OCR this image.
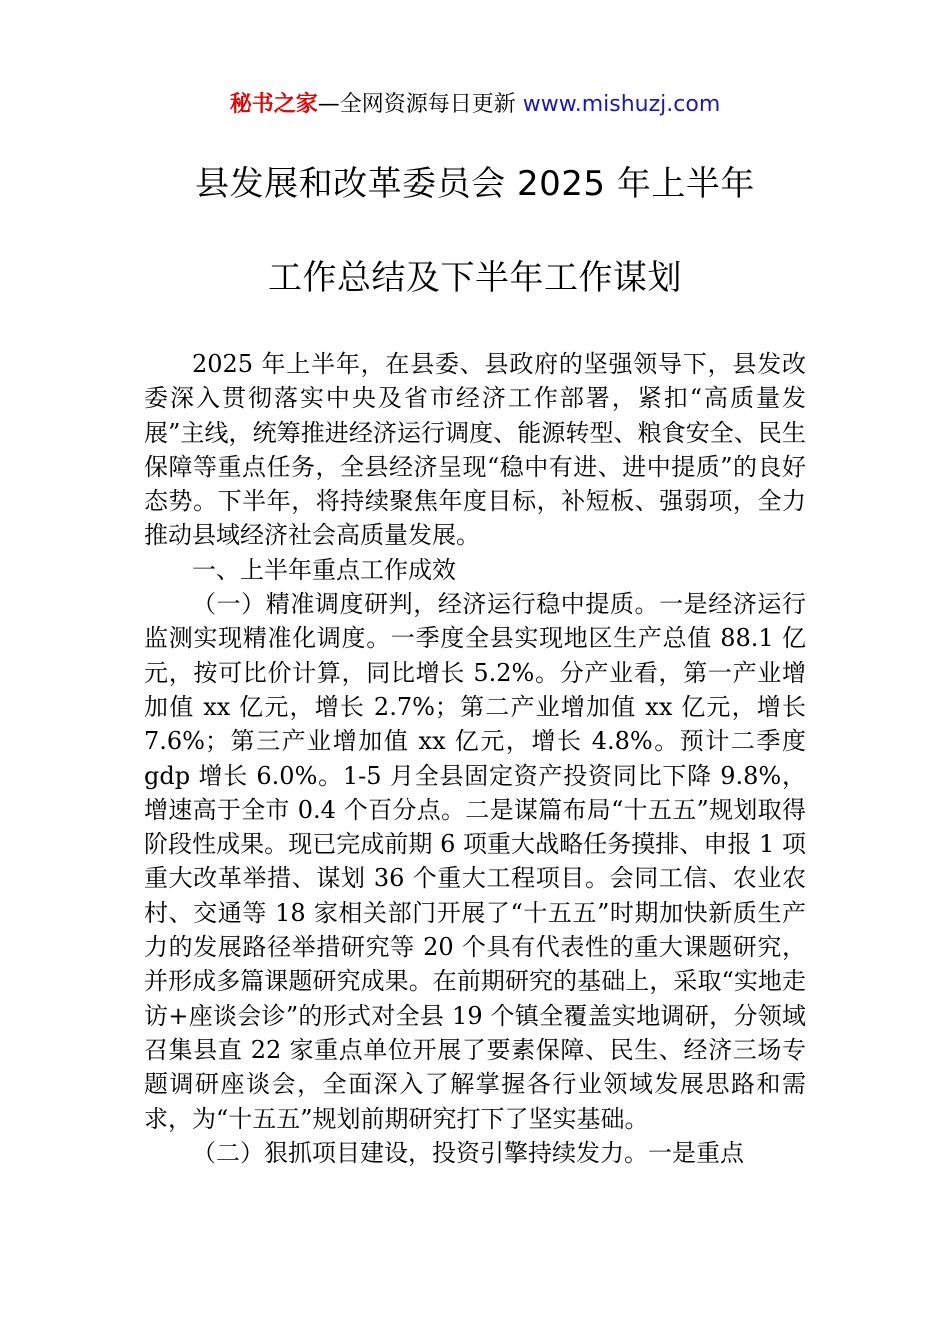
秘书之家—全网资源每日更新 www.mishuzj.com
县发展和改革委员会 2025 年上半年
工作总结及下半年工作谋划

2025 年上半年，在县委、县政府的坚强领导下，县发改委深入贯彻落实中央及省市经济工作部署，紧扣“高质量发展”主线，统筹推进经济运行调度、能源转型、粮食安全、民生保障等重点任务，全县经济呈现“稳中有进、进中提质”的良好态势。下半年，将持续聚焦年度目标，补短板、强弱项，全力推动县域经济社会高质量发展。

一、上半年重点工作成效

（一）精准调度研判，经济运行稳中提质。一是经济运行监测实现精准化调度。一季度全县实现地区生产总值 88.1 亿元，按可比价计算，同比增长 5.2%。分产业看，第一产业增加值 xx 亿元，增长 2.7%；第二产业增加值 xx 亿元，增长 7.6%；第三产业增加值 xx 亿元，增长 4.8%。预计二季度 gdp 增长 6.0%。1-5 月全县固定资产投资同比下降 9.8%，增速高于全市 0.4 个百分点。二是谋篇布局“十五五”规划取得阶段性成果。现已完成前期 6 项重大战略任务摸排、申报 1 项重大改革举措、谋划 36 个重大工程项目。会同工信、农业农村、交通等 18 家相关部门开展了“十五五”时期加快新质生产力的发展路径举措研究等 20 个具有代表性的重大课题研究，并形成多篇课题研究成果。在前期研究的基础上，采取“实地走访+座谈会诊”的形式对全县 19 个镇全覆盖实地调研，分领域召集县直 22 家重点单位开展了要素保障、民生、经济三场专题调研座谈会，全面深入了解掌握各行业领域发展思路和需求，为“十五五”规划前期研究打下了坚实基础。

（二）狠抓项目建设，投资引擎持续发力。一是重点
